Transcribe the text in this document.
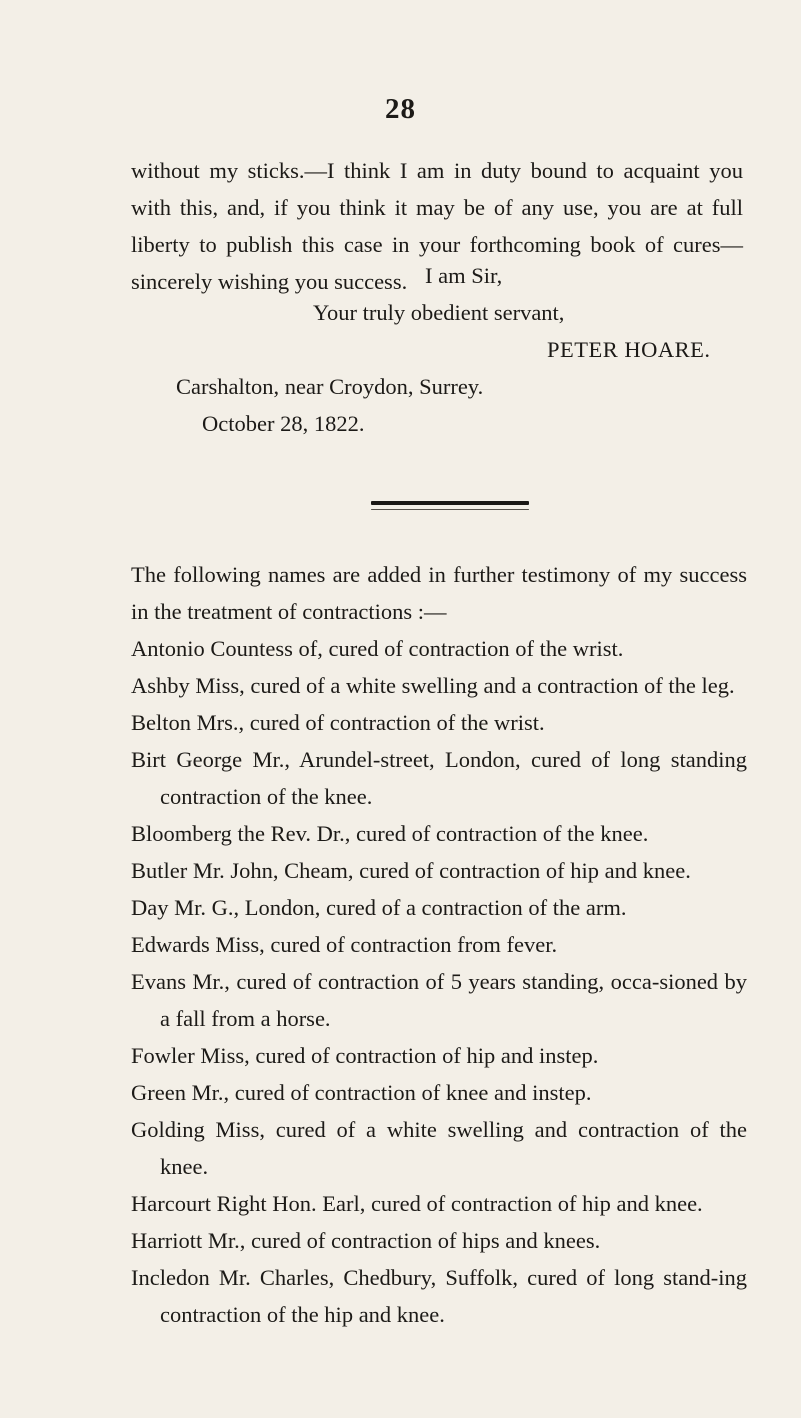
28
without my sticks.—I think I am in duty bound to acquaint you with this, and, if you think it may be of any use, you are at full liberty to publish this case in your forthcoming book of cures—sincerely wishing you success. I am Sir,
Your truly obedient servant,
PETER HOARE.
Carshalton, near Croydon, Surrey.
October 28, 1822.
The following names are added in further testimony of my success in the treatment of contractions :—
Antonio Countess of, cured of contraction of the wrist.
Ashby Miss, cured of a white swelling and a contraction of the leg.
Belton Mrs., cured of contraction of the wrist.
Birt George Mr., Arundel-street, London, cured of long standing contraction of the knee.
Bloomberg the Rev. Dr., cured of contraction of the knee.
Butler Mr. John, Cheam, cured of contraction of hip and knee.
Day Mr. G., London, cured of a contraction of the arm.
Edwards Miss, cured of contraction from fever.
Evans Mr., cured of contraction of 5 years standing, occa-sioned by a fall from a horse.
Fowler Miss, cured of contraction of hip and instep.
Green Mr., cured of contraction of knee and instep.
Golding Miss, cured of a white swelling and contraction of the knee.
Harcourt Right Hon. Earl, cured of contraction of hip and knee.
Harriott Mr., cured of contraction of hips and knees.
Incledon Mr. Charles, Chedbury, Suffolk, cured of long stand-ing contraction of the hip and knee.
